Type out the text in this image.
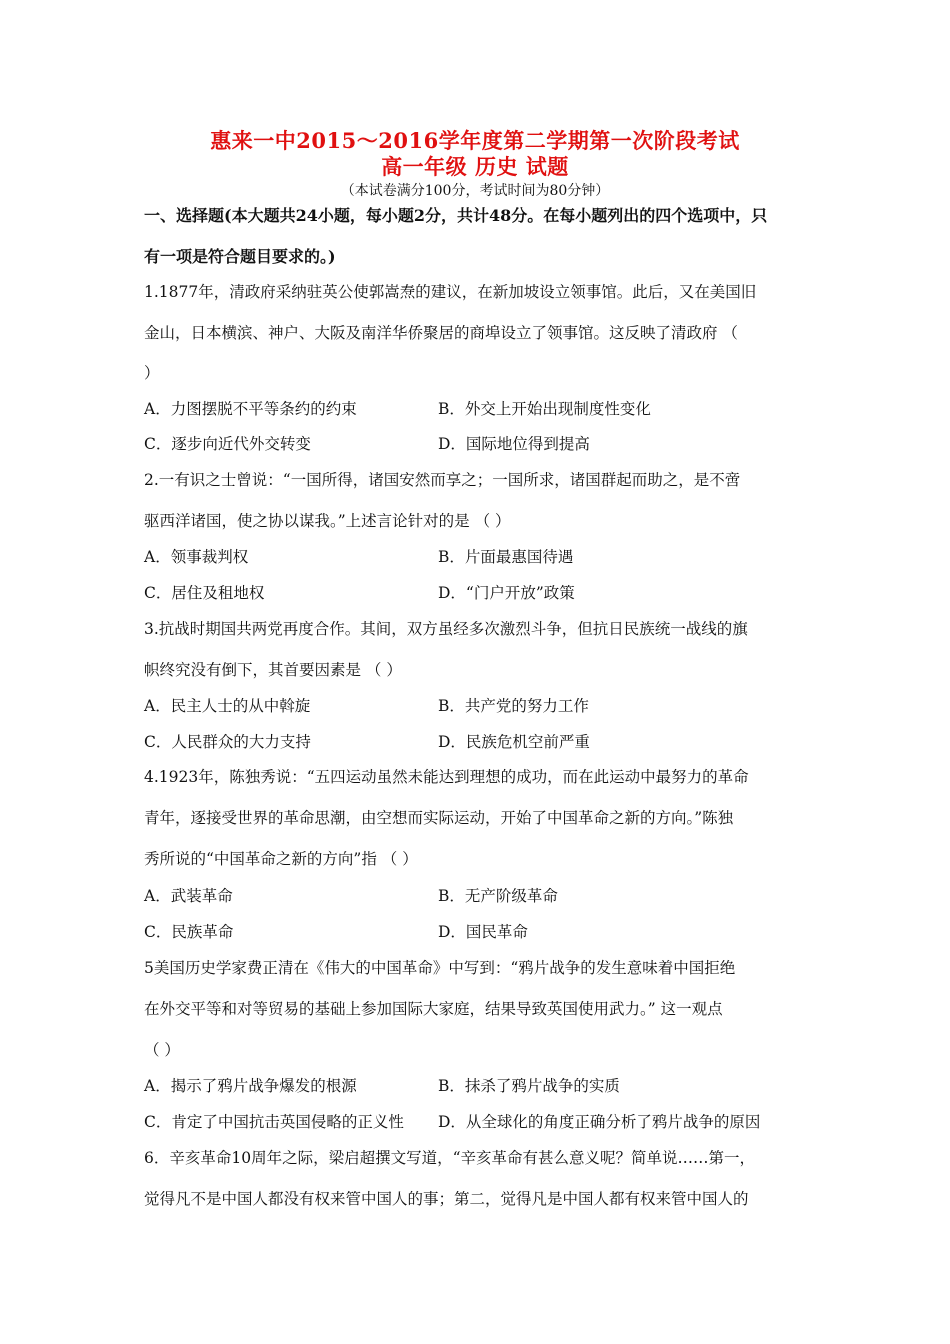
惠来一中2015～2016学年度第二学期第一次阶段考试
高一年级 历史 试题
（本试卷满分100分，考试时间为80分钟）
一、选择题(本大题共24小题，每小题2分，共计48分。在每小题列出的四个选项中，只
有一项是符合题目要求的。)
1.1877年，清政府采纳驻英公使郭嵩焘的建议，在新加坡设立领事馆。此后，又在美国旧
金山，日本横滨、神户、大阪及南洋华侨聚居的商埠设立了领事馆。这反映了清政府 （
）
A．力图摆脱不平等条约的约束	B．外交上开始出现制度性变化
C．逐步向近代外交转变	D．国际地位得到提高
2.一有识之士曾说：“一国所得，诸国安然而享之；一国所求，诸国群起而助之，是不啻
驱西洋诸国，使之协以谋我。”上述言论针对的是 （ ）
A．领事裁判权	B．片面最惠国待遇
C．居住及租地权	D．“门户开放”政策
3.抗战时期国共两党再度合作。其间，双方虽经多次激烈斗争，但抗日民族统一战线的旗
帜终究没有倒下，其首要因素是 （ ）
A．民主人士的从中斡旋	B．共产党的努力工作
C．人民群众的大力支持	D．民族危机空前严重
4.1923年，陈独秀说：“五四运动虽然未能达到理想的成功，而在此运动中最努力的革命
青年，逐接受世界的革命思潮，由空想而实际运动，开始了中国革命之新的方向。”陈独
秀所说的“中国革命之新的方向”指 （ ）
A．武装革命	B．无产阶级革命
C．民族革命	D．国民革命
5美国历史学家费正清在《伟大的中国革命》中写到：“鸦片战争的发生意味着中国拒绝
在外交平等和对等贸易的基础上参加国际大家庭，结果导致英国使用武力。” 这一观点
（ ）
A．揭示了鸦片战争爆发的根源	B．抹杀了鸦片战争的实质
C．肯定了中国抗击英国侵略的正义性 D．从全球化的角度正确分析了鸦片战争的原因
6．辛亥革命10周年之际，梁启超撰文写道，“辛亥革命有甚么意义呢？简单说……第一，
觉得凡不是中国人都没有权来管中国人的事；第二，觉得凡是中国人都有权来管中国人的
